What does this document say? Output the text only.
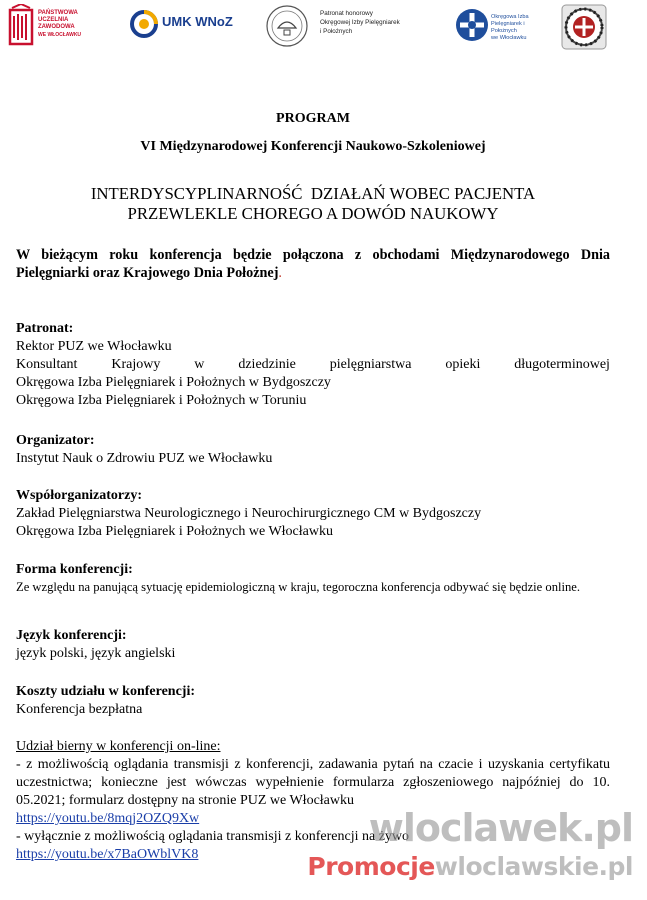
PAŃSTWOWA
UCZELNIA
ZAWODOWA
WE WŁOCŁAWKU
UMK WNoZ
Patronat honorowy
Okręgowej Izby Pielęgniarek
i Położnych
Okręgowa Izba
Pielęgniarek i Położnych
we Włocławku
PROGRAM
VI Międzynarodowej Konferencji Naukowo-Szkoleniowej
INTERDYSCYPLINARNOŚĆ  DZIAŁAŃ WOBEC PACJENTA
PRZEWLEKLE CHOREGO A DOWÓD NAUKOWY
W bieżącym roku konferencja będzie połączona z obchodami Międzynarodowego Dnia Pielęgniarki oraz Krajowego Dnia Położnej.
Patronat:
Rektor PUZ we Włocławku
Konsultant Krajowy w dziedzinie pielęgniarstwa opieki długoterminowej
Okręgowa Izba Pielęgniarek i Położnych w Bydgoszczy
Okręgowa Izba Pielęgniarek i Położnych w Toruniu
Organizator:
Instytut Nauk o Zdrowiu PUZ we Włocławku
Współorganizatorzy:
Zakład Pielęgniarstwa Neurologicznego i Neurochirurgicznego CM w Bydgoszczy
Okręgowa Izba Pielęgniarek i Położnych we Włocławku
Forma konferencji:
Ze względu na panującą sytuację epidemiologiczną w kraju, tegoroczna konferencja odbywać się będzie online.
Język konferencji:
język polski, język angielski
Koszty udziału w konferencji:
Konferencja bezpłatna
Udział bierny w konferencji on-line:
- z możliwością oglądania transmisji z konferencji, zadawania pytań na czacie i uzyskania certyfikatu uczestnictwa; konieczne jest wówczas wypełnienie formularza zgłoszeniowego najpóźniej do 10. 05.2021; formularz dostępny na stronie PUZ we Włocławku
https://youtu.be/8mqj2OZQ9Xw
- wyłącznie z możliwością oglądania transmisji z konferencji na żywo
https://youtu.be/x7BaOWblVK8
wloclawek.pl
Promocjewloclawskie.pl
